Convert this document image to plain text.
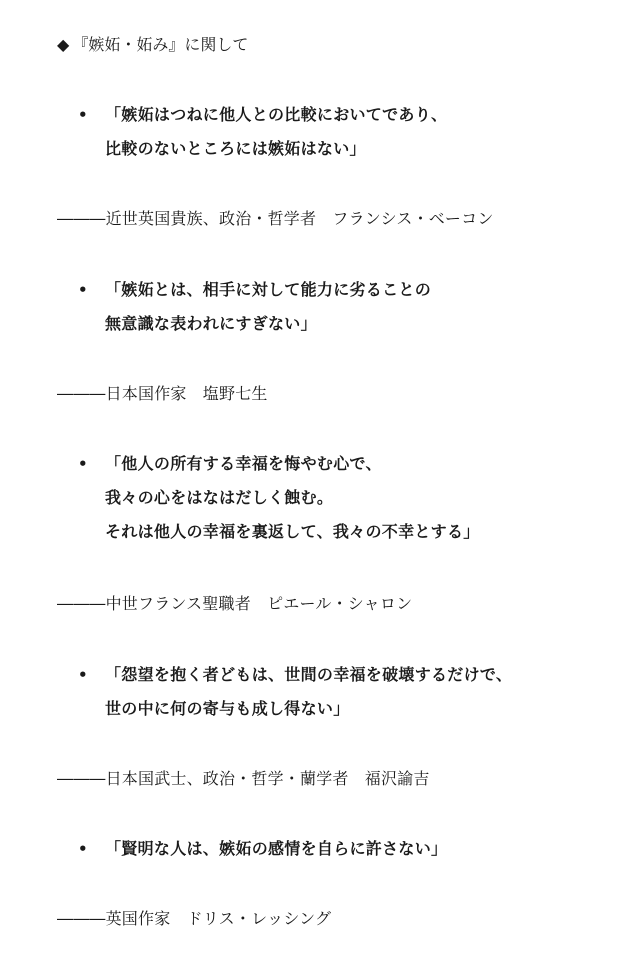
◆ 『嫉妬・妬み』に関して
• 「嫉妬はつねに他人との比較においてであり、
比較のないところには嫉妬はない」
―――近世英国貴族、政治・哲学者　フランシス・ベーコン
• 「嫉妬とは、相手に対して能力に劣ることの
無意識な表われにすぎない」
―――日本国作家　塩野七生
• 「他人の所有する幸福を悔やむ心で、
我々の心をはなはだしく蝕む。
それは他人の幸福を裏返して、我々の不幸とする」
―――中世フランス聖職者　ピエール・シャロン
• 「怨望を抱く者どもは、世間の幸福を破壊するだけで、
世の中に何の寄与も成し得ない」
―――日本国武士、政治・哲学・蘭学者　福沢諭吉
• 「賢明な人は、嫉妬の感情を自らに許さない」
―――英国作家　ドリス・レッシング
